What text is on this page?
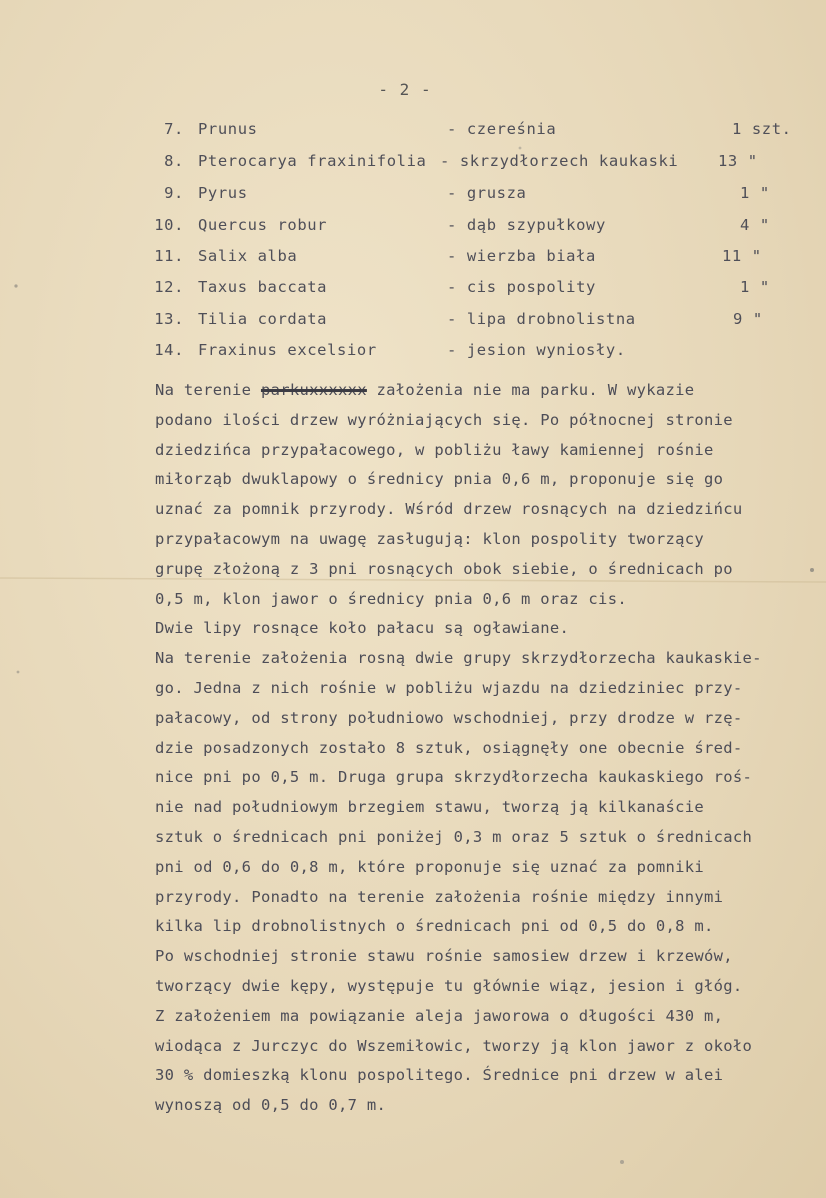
- 2 -
7. Prunus	- czereśnia	1 szt.
8. Pterocarya fraxinifolia - skrzydłorzech kaukaski	13 "
9. Pyrus	- grusza	1 "
10. Quercus robur	- dąb szypułkowy	4 "
11. Salix alba	- wierzba biała	11 "
12. Taxus baccata	- cis pospolity	1 "
13. Tilia cordata	- lipa drobnolistna	9 "
14. Fraxinus excelsior	- jesion wyniosły.
Na terenie parkuxxxxxx założenia nie ma parku. W wykazie
podano ilości drzew wyróżniających się. Po północnej stronie
dziedzińca przypałacowego, w pobliżu ławy kamiennej rośnie
miłorząb dwuklapowy o średnicy pnia 0,6 m, proponuje się go
uznać za pomnik przyrody. Wśród drzew rosnących na dziedzińcu
przypałacowym na uwagę zasługują: klon pospolity tworzący
grupę złożoną z 3 pni rosnących obok siebie, o średnicach po
0,5 m, klon jawor o średnicy pnia 0,6 m oraz cis.
Dwie lipy rosnące koło pałacu są ogławiane.
Na terenie założenia rosną dwie grupy skrzydłorzecha kaukaskie-
go. Jedna z nich rośnie w pobliżu wjazdu na dziedziniec przy-
pałacowy, od strony południowo wschodniej, przy drodze w rzę-
dzie posadzonych zostało 8 sztuk, osiągnęły one obecnie śred-
nice pni po 0,5 m. Druga grupa skrzydłorzecha kaukaskiego roś-
nie nad południowym brzegiem stawu, tworzą ją kilkanaście
sztuk o średnicach pni poniżej 0,3 m oraz 5 sztuk o średnicach
pni od 0,6 do 0,8 m, które proponuje się uznać za pomniki
przyrody. Ponadto na terenie założenia rośnie między innymi
kilka lip drobnolistnych o średnicach pni od 0,5 do 0,8 m.
Po wschodniej stronie stawu rośnie samosiew drzew i krzewów,
tworzący dwie kępy, występuje tu głównie wiąz, jesion i głóg.
Z założeniem ma powiązanie aleja jaworowa o długości 430 m,
wiodąca z Jurczyc do Wszemiłowic, tworzy ją klon jawor z około
30 % domieszką klonu pospolitego. Średnice pni drzew w alei
wynoszą od 0,5 do 0,7 m.
